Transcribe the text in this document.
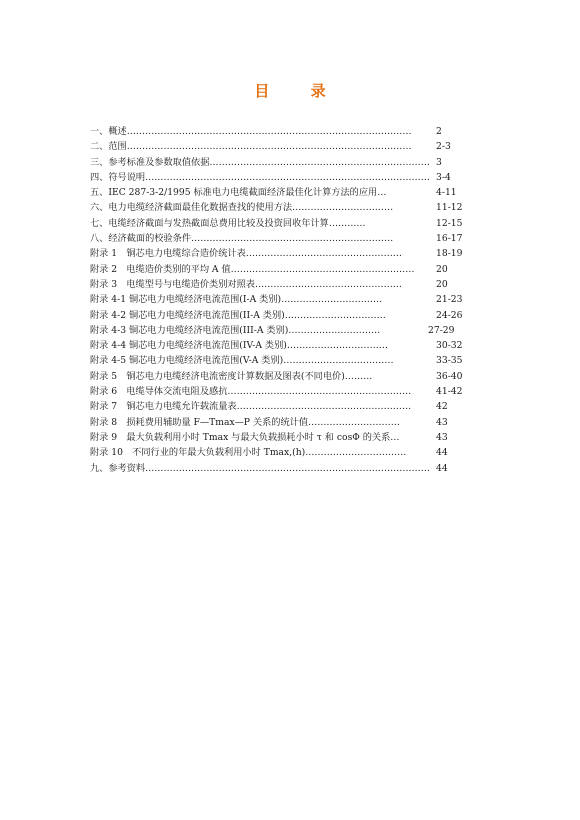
目 录
一、概述…………………………………………………………………………………	2
二、范围…………………………………………………………………………………	2-3
三、参考标准及参数取值依据……………………………………………………………… 3
四、符号说明………………………………………………………………………………… 3-4
五、IEC 287-3-2/1995 标准电力电缆截面经济最佳化计算方法的应用…	4-11
六、电力电缆经济截面最佳化数据查找的使用方法……………………………	11-12
七、电缆经济截面与发热截面总费用比较及投资回收年计算…………	12-15
八、经济截面的校验条件…………………………………………………………	16-17
附录 1　铜芯电力电缆综合造价统计表……………………………………………	18-19
附录 2　电缆造价类别的平均 A 值…………………………………………………… 20
附录 3　电缆型号与电缆造价类别对照表…………………………………………	20
附录 4-1 铜芯电力电缆经济电流范围(I-A 类别)……………………………	21-23
附录 4-2 铜芯电力电缆经济电流范围(II-A 类别)……………………………	24-26
附录 4-3 铜芯电力电缆经济电流范围(III-A 类别)…………………………	27-29
附录 4-4 铜芯电力电缆经济电流范围(IV-A 类别)……………………………	30-32
附录 4-5 铜芯电力电缆经济电流范围(V-A 类别)………………………………	33-35
附录 5　铜芯电力电缆经济电流密度计算数据及图表(不同电价)………	36-40
附录 6　电缆导体交流电阻及感抗……………………………………………………	41-42
附录 7　铜芯电力电缆允许载流量表…………………………………………………	42
附录 8　损耗费用辅助量 F—Tmax—P 关系的统计值…………………………	43
附录 9　最大负载利用小时 Tmax 与最大负载损耗小时 τ 和 cosΦ 的关系…	43
附录 10　不同行业的年最大负载利用小时 Tmax,(h)……………………………	44
九、参考资料………………………………………………………………………………… 44
